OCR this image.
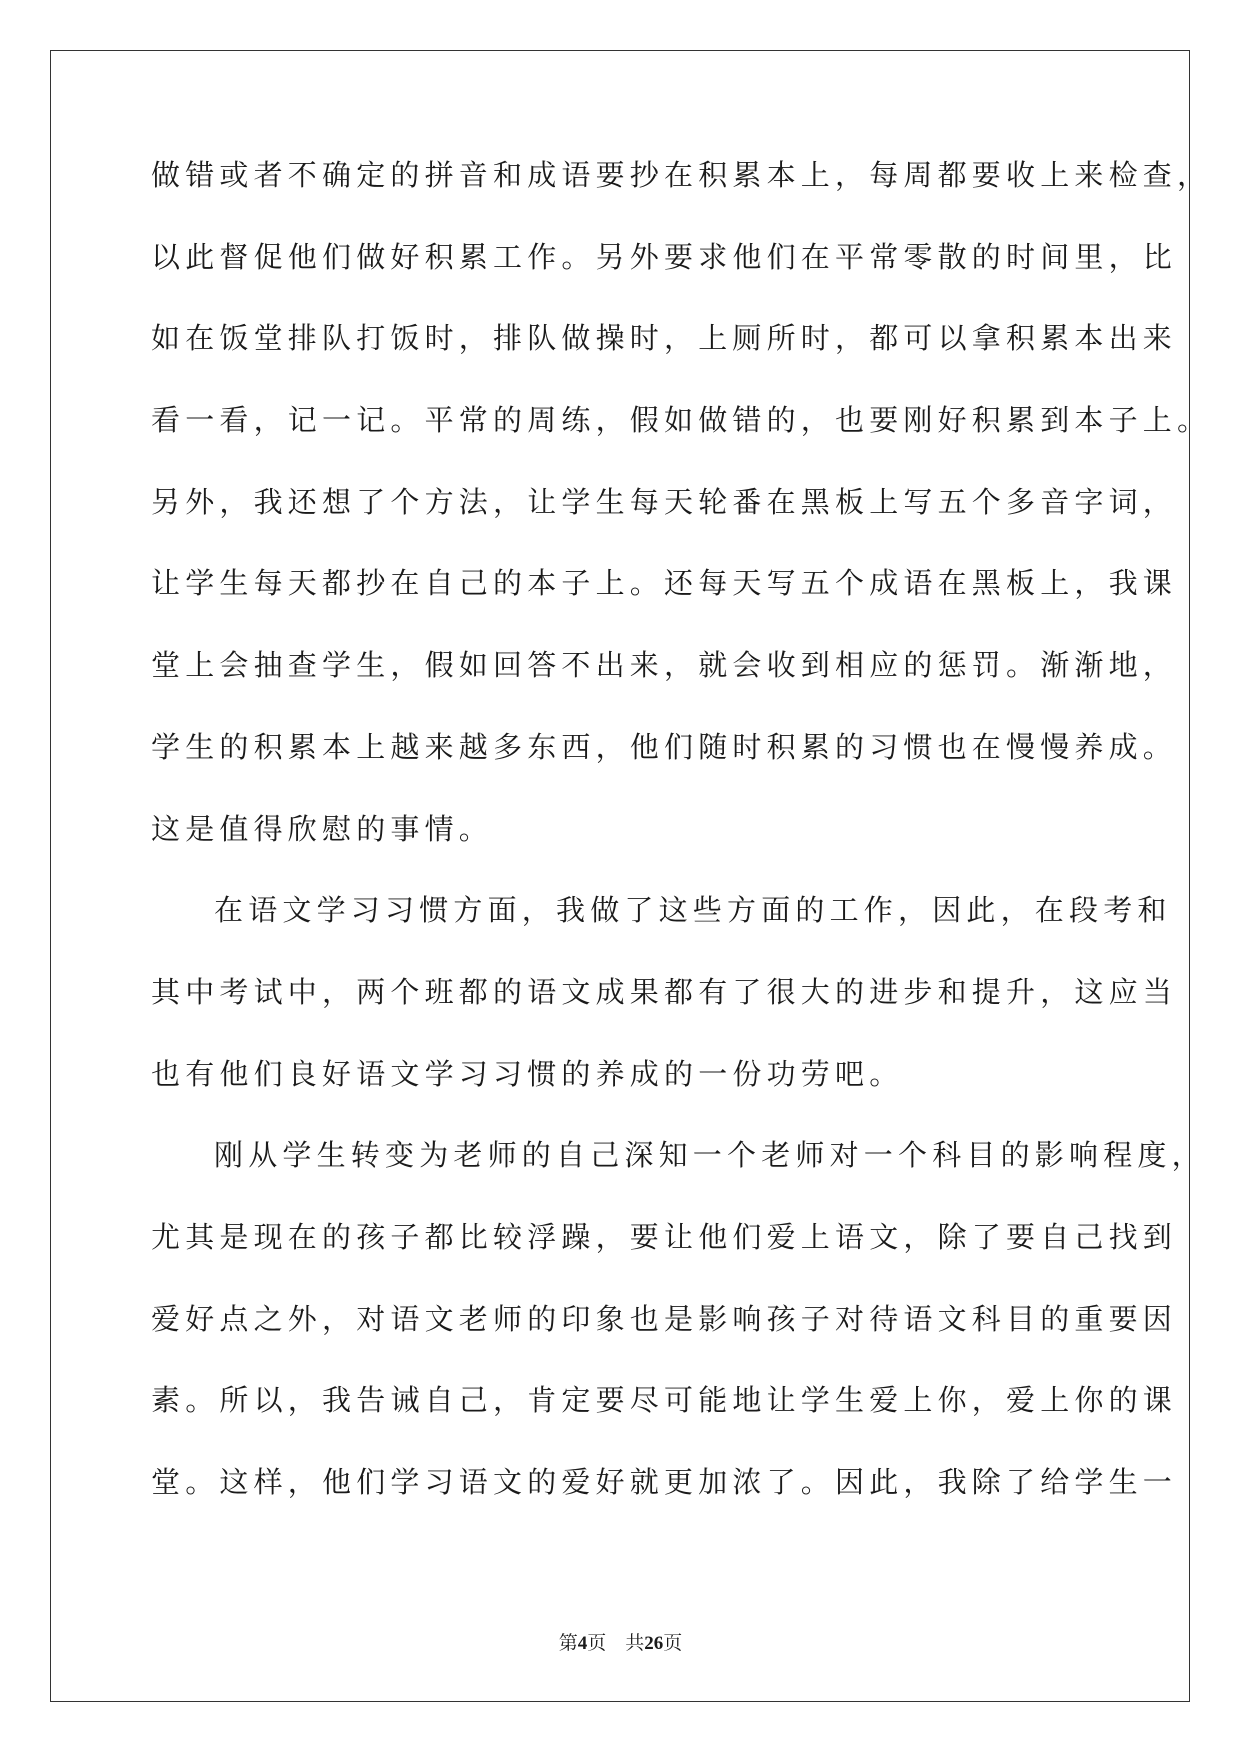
做错或者不确定的拼音和成语要抄在积累本上，每周都要收上来检查，
以此督促他们做好积累工作。另外要求他们在平常零散的时间里，比
如在饭堂排队打饭时，排队做操时，上厕所时，都可以拿积累本出来
看一看，记一记。平常的周练，假如做错的，也要刚好积累到本子上。
另外，我还想了个方法，让学生每天轮番在黑板上写五个多音字词，
让学生每天都抄在自己的本子上。还每天写五个成语在黑板上，我课
堂上会抽查学生，假如回答不出来，就会收到相应的惩罚。渐渐地，
学生的积累本上越来越多东西，他们随时积累的习惯也在慢慢养成。
这是值得欣慰的事情。
在语文学习习惯方面，我做了这些方面的工作，因此，在段考和
其中考试中，两个班都的语文成果都有了很大的进步和提升，这应当
也有他们良好语文学习习惯的养成的一份功劳吧。
刚从学生转变为老师的自己深知一个老师对一个科目的影响程度，
尤其是现在的孩子都比较浮躁，要让他们爱上语文，除了要自己找到
爱好点之外，对语文老师的印象也是影响孩子对待语文科目的重要因
素。所以，我告诫自己，肯定要尽可能地让学生爱上你，爱上你的课
堂。这样，他们学习语文的爱好就更加浓了。因此，我除了给学生一
第4页 共26页
